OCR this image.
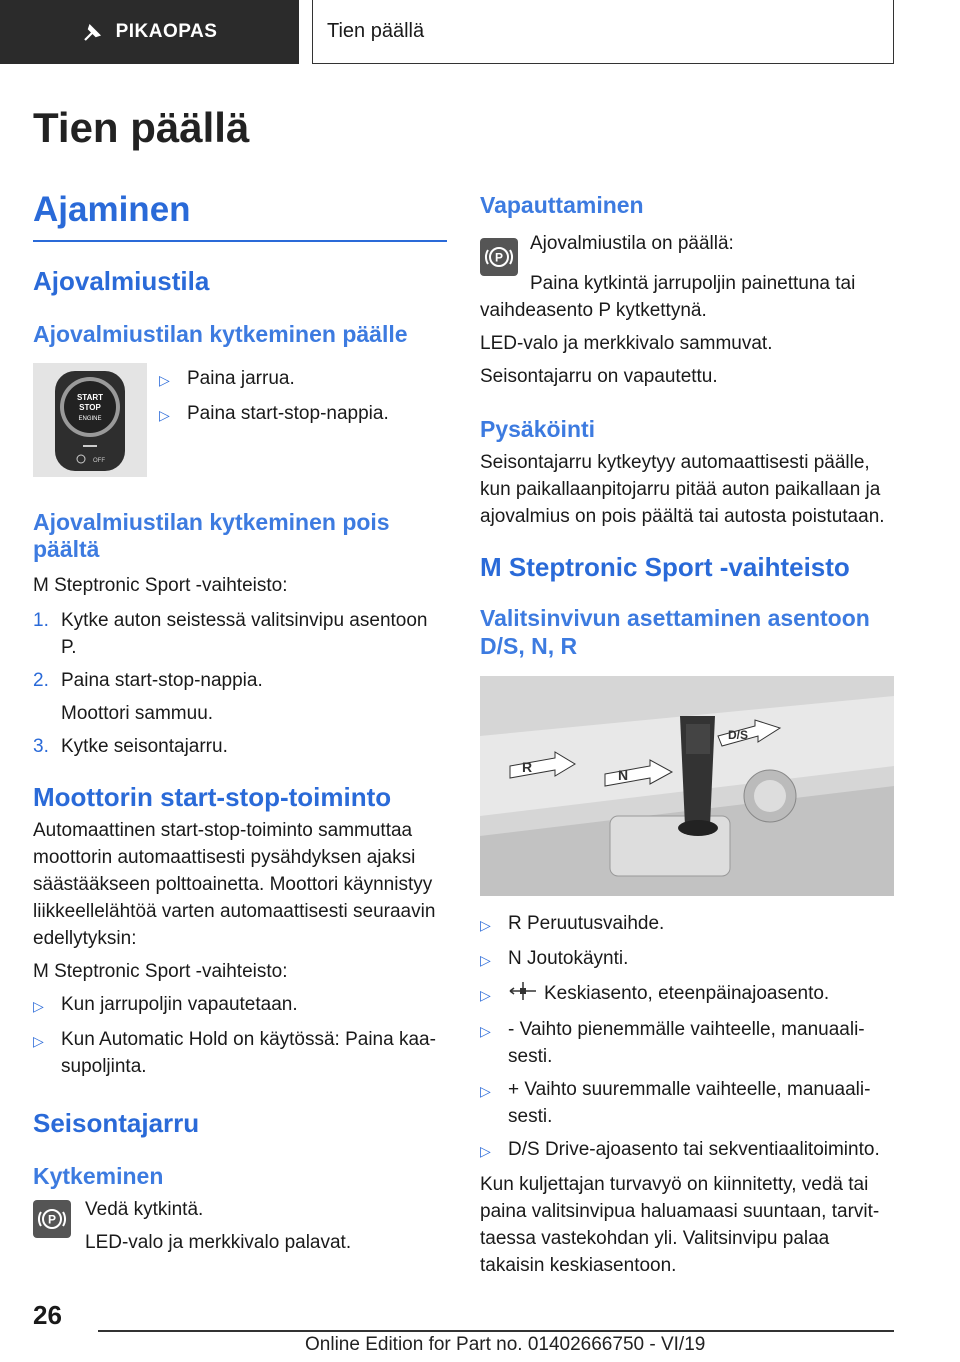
PIKAOPAS	Tien päällä
Tien päällä
Ajaminen
Ajovalmiustila
Ajovalmiustilan kytkeminen päälle
START
STOP
ENGINE
OFF
▷ Paina jarrua.
▷ Paina start-stop-nappia.
Ajovalmiustilan kytkeminen pois päältä
M Steptronic Sport -vaihteisto:
1. Kytke auton seistessä valitsinvipu asentoon P.
2. Paina start-stop-nappia.
Moottori sammuu.
3. Kytke seisontajarru.
Moottorin start-stop-toiminto
Automaattinen start-stop-toiminto sammuttaa moottorin automaattisesti pysähdyksen ajaksi säästääkseen polttoainetta. Moottori käynnistyy liikkeellelähtöä varten automaattisesti seuraavin edellytyksin:
M Steptronic Sport -vaihteisto:
▷ Kun jarrupoljin vapautetaan.
▷ Kun Automatic Hold on käytössä: Paina kaasupoljinta.
Seisontajarru
Kytkeminen
P Vedä kytkintä.
LED-valo ja merkkivalo palavat.
Vapauttaminen
P
Ajovalmiustila on päällä:
Paina kytkintä jarrupoljin painettuna tai vaihdeasento P kytkettynä.
LED-valo ja merkkivalo sammuvat.
Seisontajarru on vapautettu.
Pysäköinti
Seisontajarru kytkeytyy automaattisesti päälle, kun paikallaanpitojarru pitää auton paikallaan ja ajovalmius on pois päältä tai autosta poistutaan.
M Steptronic Sport -vaihteisto
Valitsinvivun asettaminen asentoon D/S, N, R
R	N
D/S
▷ R Peruutusvaihde.
▷ N Joutokäynti.
▷	Keskiasento, eteenpäinajoasento.
▷ - Vaihto pienemmälle vaihteelle, manuaalisesti.
▷ + Vaihto suuremmalle vaihteelle, manuaalisesti.
▷ D/S Drive-ajoasento tai sekventiaalitoiminto.
Kun kuljettajan turvavyö on kiinnitetty, vedä tai paina valitsinvipua haluamaasi suuntaan, tarvittaessa vastekohdan yli. Valitsinvipu palaa takaisin keskiasentoon.
26
Online Edition for Part no. 01402666750 - VI/19
